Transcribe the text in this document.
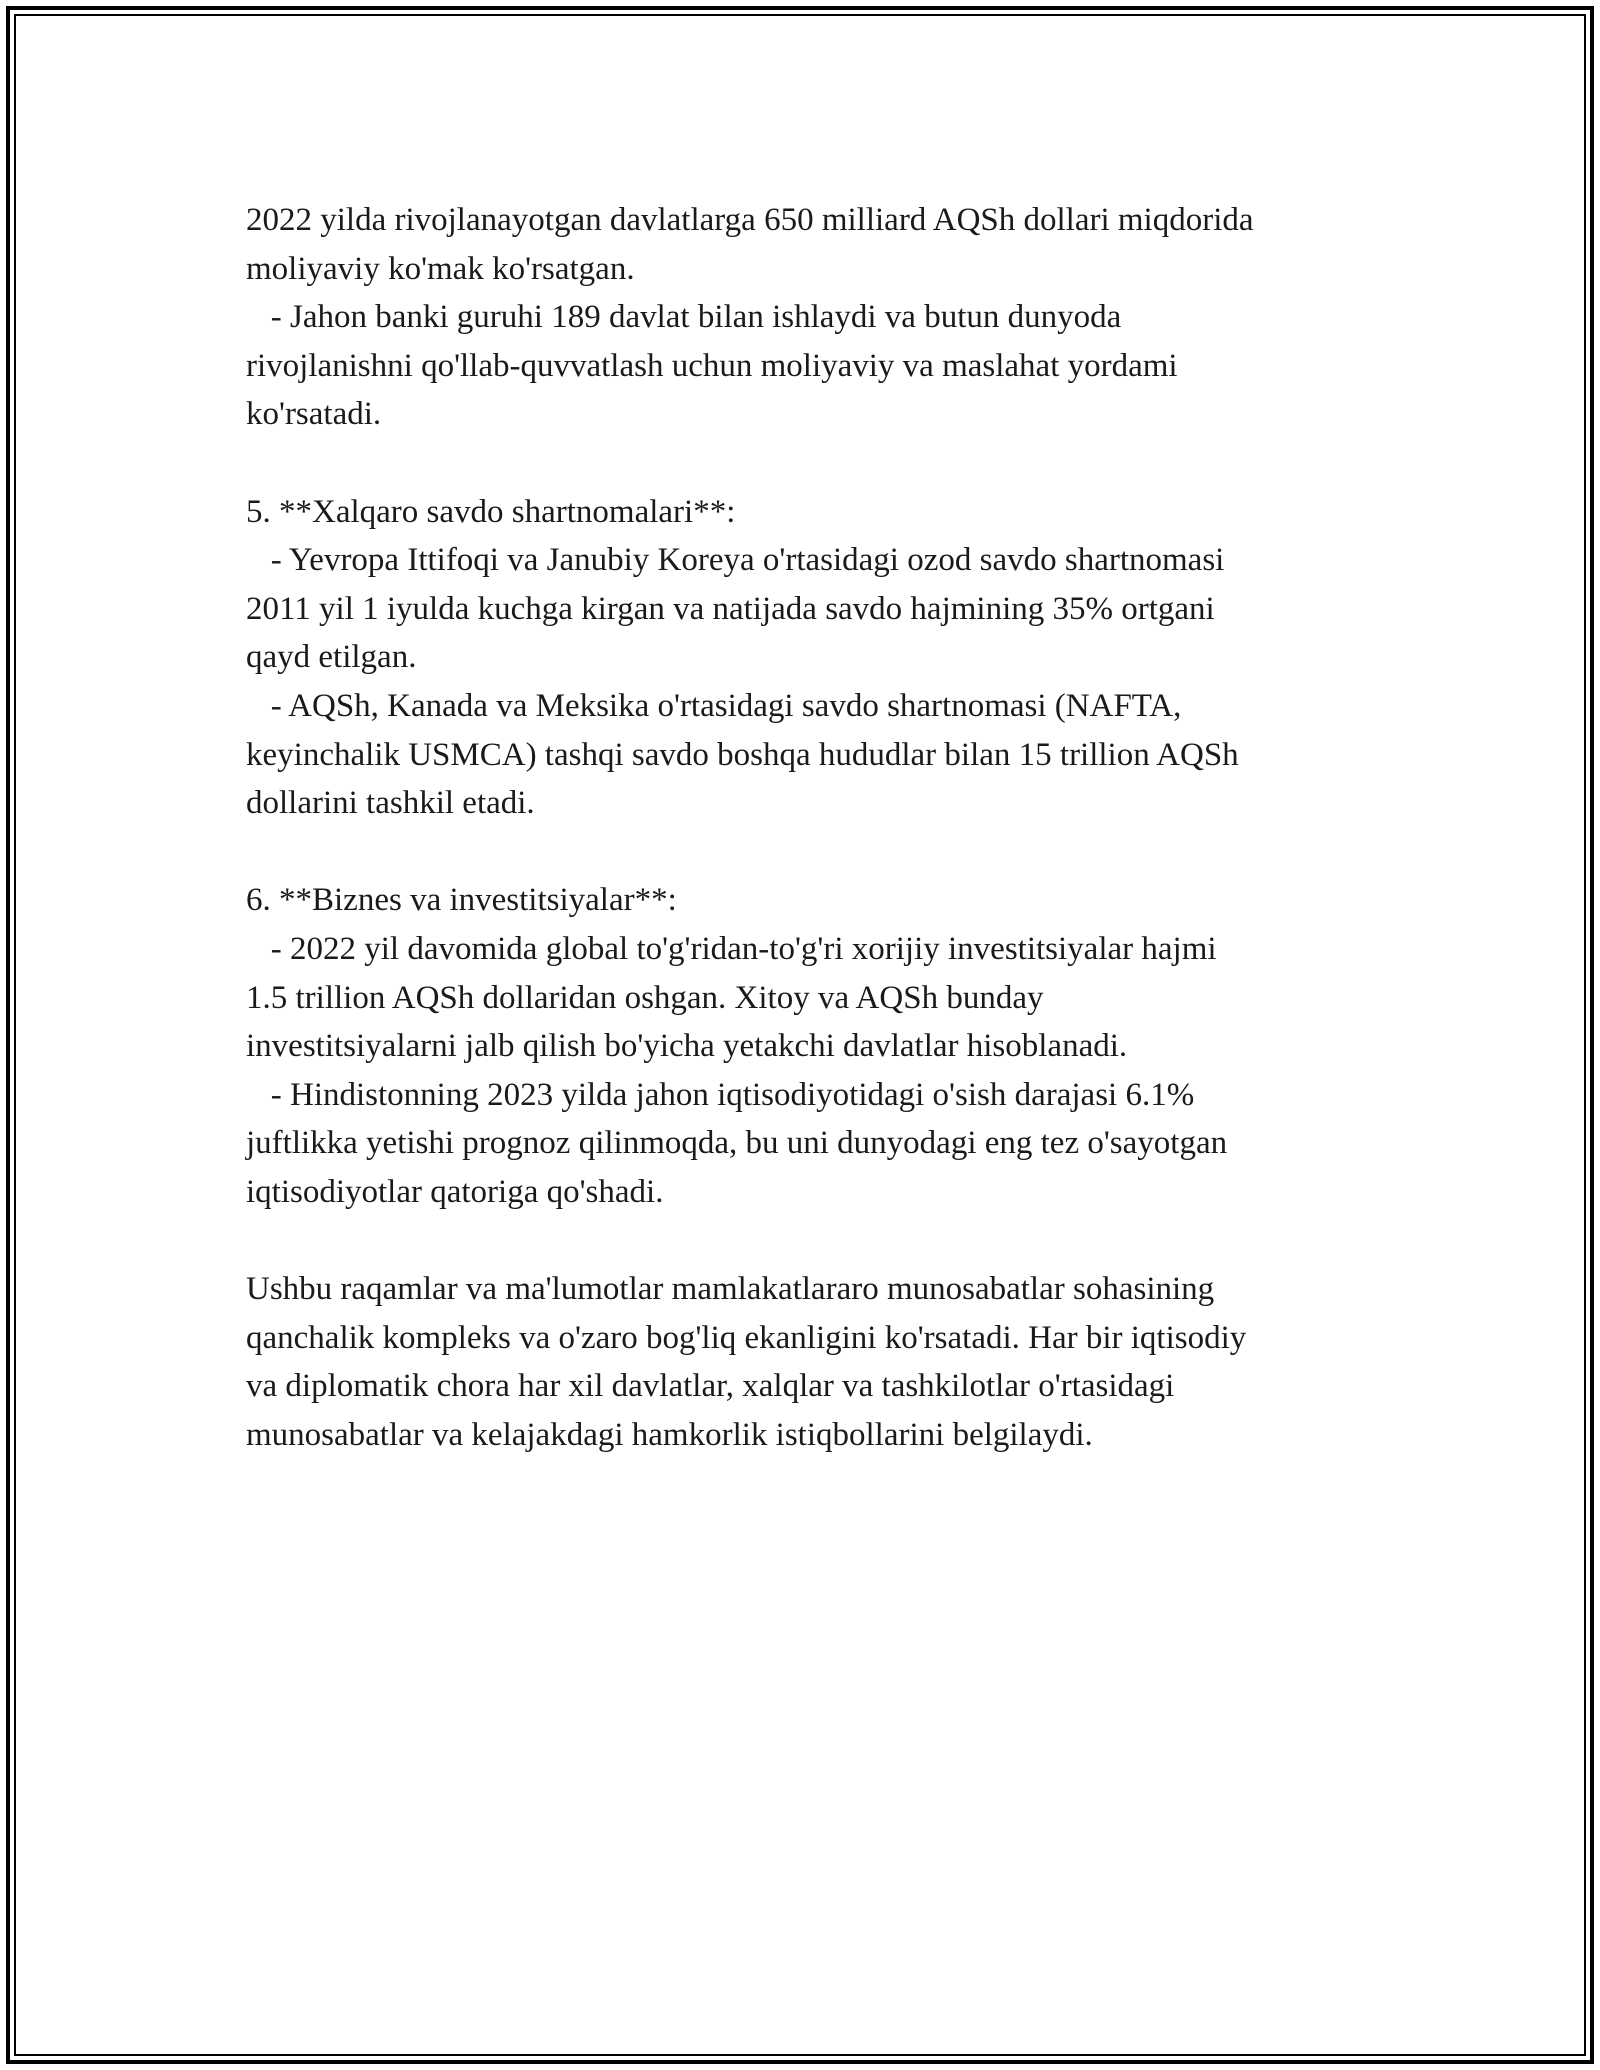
2022 yilda rivojlanayotgan davlatlarga 650 milliard AQSh dollari miqdorida
moliyaviy ko'mak ko'rsatgan.

- Jahon banki guruhi 189 davlat bilan ishlaydi va butun dunyoda
rivojlanishni qo'llab-quvvatlash uchun moliyaviy va maslahat yordami
ko'rsatadi.

5. **Xalqaro savdo shartnomalari**:

- Yevropa Ittifoqi va Janubiy Koreya o'rtasidagi ozod savdo shartnomasi
2011 yil 1 iyulda kuchga kirgan va natijada savdo hajmining 35% ortgani
qayd etilgan.

- AQSh, Kanada va Meksika o'rtasidagi savdo shartnomasi (NAFTA,
keyinchalik USMCA) tashqi savdo boshqa hududlar bilan 15 trillion AQSh
dollarini tashkil etadi.

6. **Biznes va investitsiyalar**:

- 2022 yil davomida global to'g'ridan-to'g'ri xorijiy investitsiyalar hajmi
1.5 trillion AQSh dollaridan oshgan. Xitoy va AQSh bunday
investitsiyalarni jalb qilish bo'yicha yetakchi davlatlar hisoblanadi.

- Hindistonning 2023 yilda jahon iqtisodiyotidagi o'sish darajasi 6.1%
juftlikka yetishi prognoz qilinmoqda, bu uni dunyodagi eng tez o'sayotgan
iqtisodiyotlar qatoriga qo'shadi.

Ushbu raqamlar va ma'lumotlar mamlakatlararo munosabatlar sohasining
qanchalik kompleks va o'zaro bog'liq ekanligini ko'rsatadi. Har bir iqtisodiy
va diplomatik chora har xil davlatlar, xalqlar va tashkilotlar o'rtasidagi
munosabatlar va kelajakdagi hamkorlik istiqbollarini belgilaydi.
